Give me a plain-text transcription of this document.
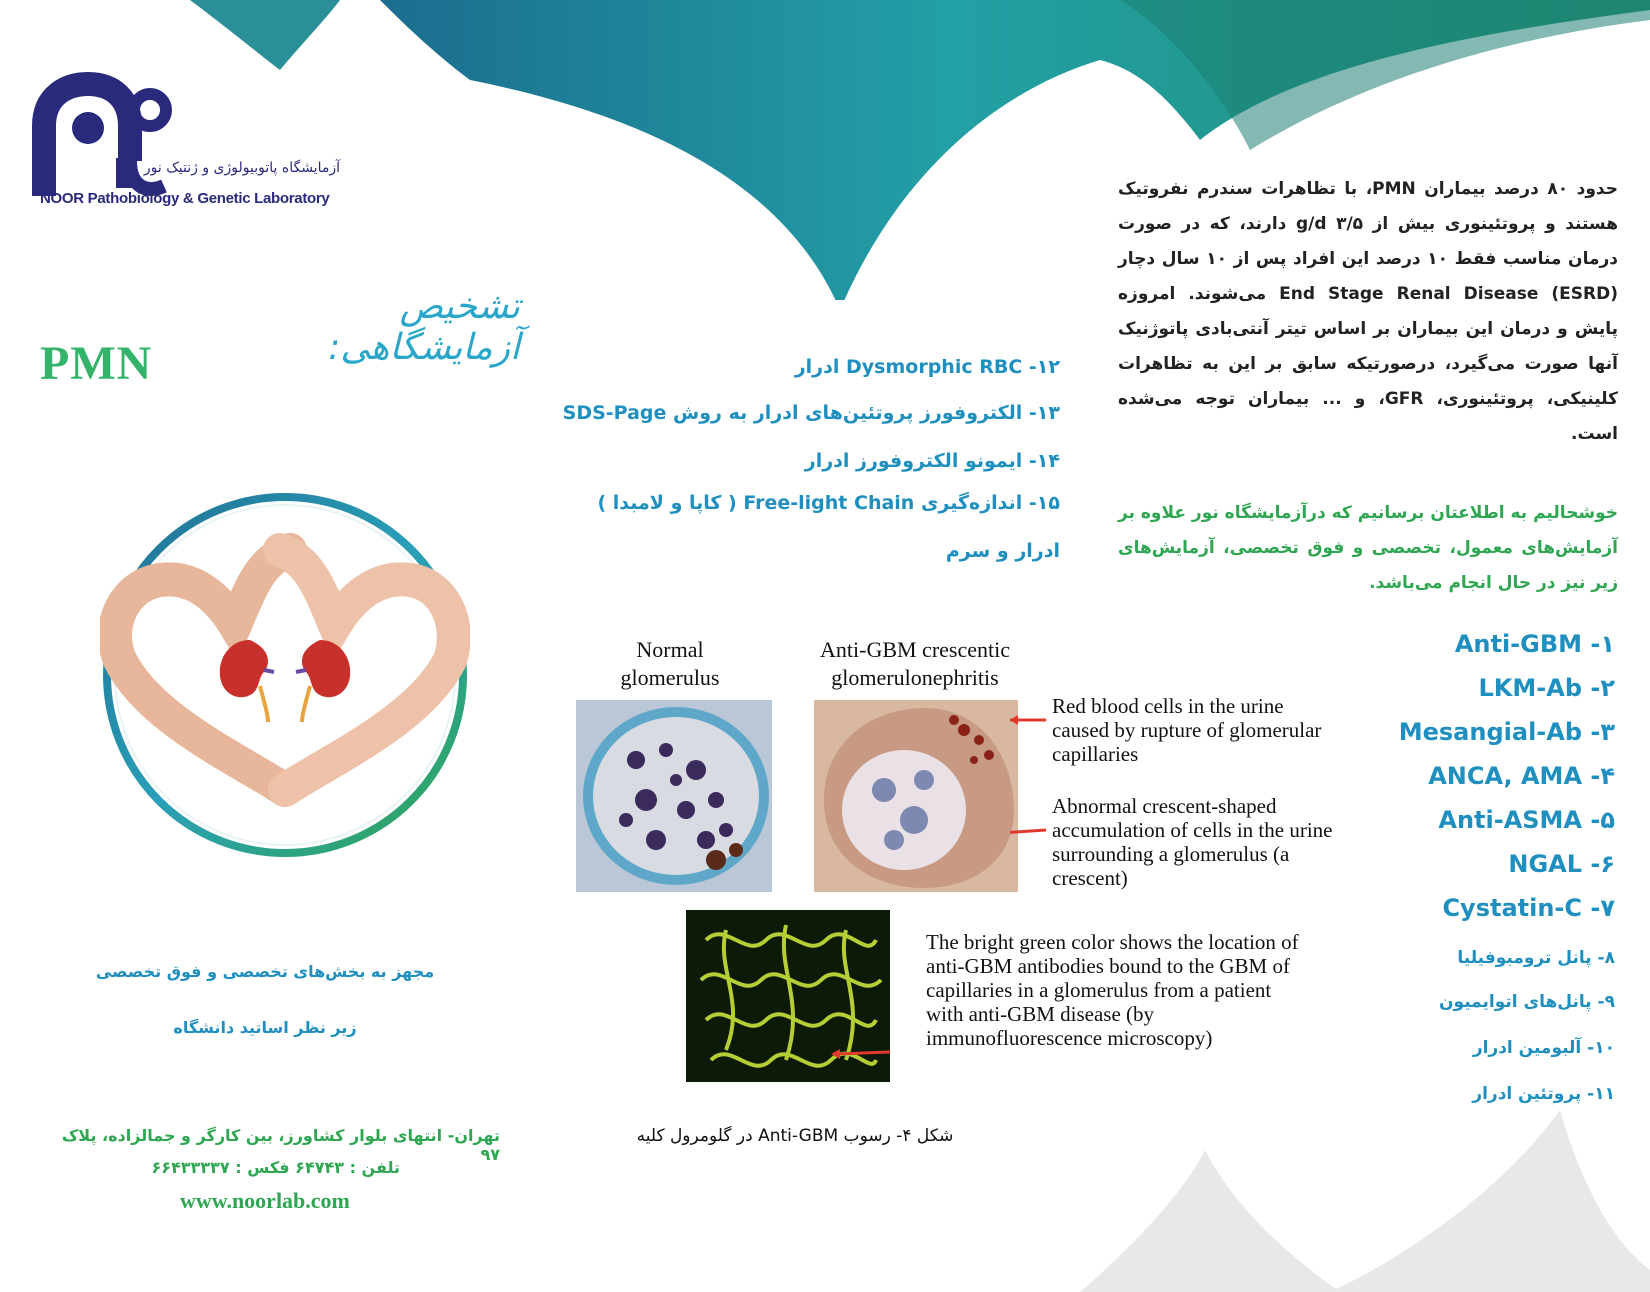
آزمایشگاه پاتوبیولوژی و ژنتیک نور
NOOR Pathobiology & Genetic Laboratory
تشخیص آزمایشگاهی:
PMN
مجهز به بخش‌های تخصصی و فوق تخصصی
زیر نظر اساتید دانشگاه
تهران- انتهای بلوار کشاورز، بین کارگر و جمالزاده، پلاک ۹۷
تلفن : ۶۴۷۴۳ فکس : ۶۶۴۳۳۳۳۷
www.noorlab.com
۱۲- Dysmorphic RBC ادرار
۱۳- الکتروفورز پروتئین‌های ادرار به روش SDS-Page
۱۴- ایمونو الکتروفورز ادرار
۱۵- اندازه‌گیری Free-light Chain ( کاپا و لامبدا )
ادرار و سرم
Normal glomerulus
Anti-GBM crescentic glomerulonephritis
Red blood cells in the urine caused by rupture of glomerular capillaries
Abnormal crescent-shaped accumulation of cells in the urine surrounding a glomerulus (a crescent)
The bright green color shows the location of anti-GBM antibodies bound to the GBM of capillaries in a glomerulus from a patient with anti-GBM disease (by immunofluorescence microscopy)
شکل ۴- رسوب Anti-GBM در گلومرول کلیه
حدود ۸۰ درصد بیماران PMN، با تظاهرات سندرم نفروتیک هستند و پروتئینوری بیش از g/d ۳/۵ دارند، که در صورت درمان مناسب فقط ۱۰ درصد این افراد پس از ۱۰ سال دچار End Stage Renal Disease (ESRD) می‌شوند. امروزه پایش و درمان این بیماران بر اساس تیتر آنتی‌بادی پاتوژنیک آنها صورت می‌گیرد، درصورتیکه سابق بر این به تظاهرات کلینیکی، پروتئینوری، GFR، و ... بیماران توجه می‌شده است.
خوشحالیم به اطلاعتان برسانیم که درآزمایشگاه نور علاوه بر آزمایش‌های معمول، تخصصی و فوق تخصصی، آزمایش‌های زیر نیز در حال انجام می‌باشد.
۱- Anti-GBM
۲- LKM-Ab
۳- Mesangial-Ab
۴- ANCA, AMA
۵- Anti-ASMA
۶- NGAL
۷- Cystatin-C
۸- پانل ترومبوفیلیا
۹- پانل‌های اتوایمیون
۱۰- آلبومین ادرار
۱۱- پروتئین ادرار
